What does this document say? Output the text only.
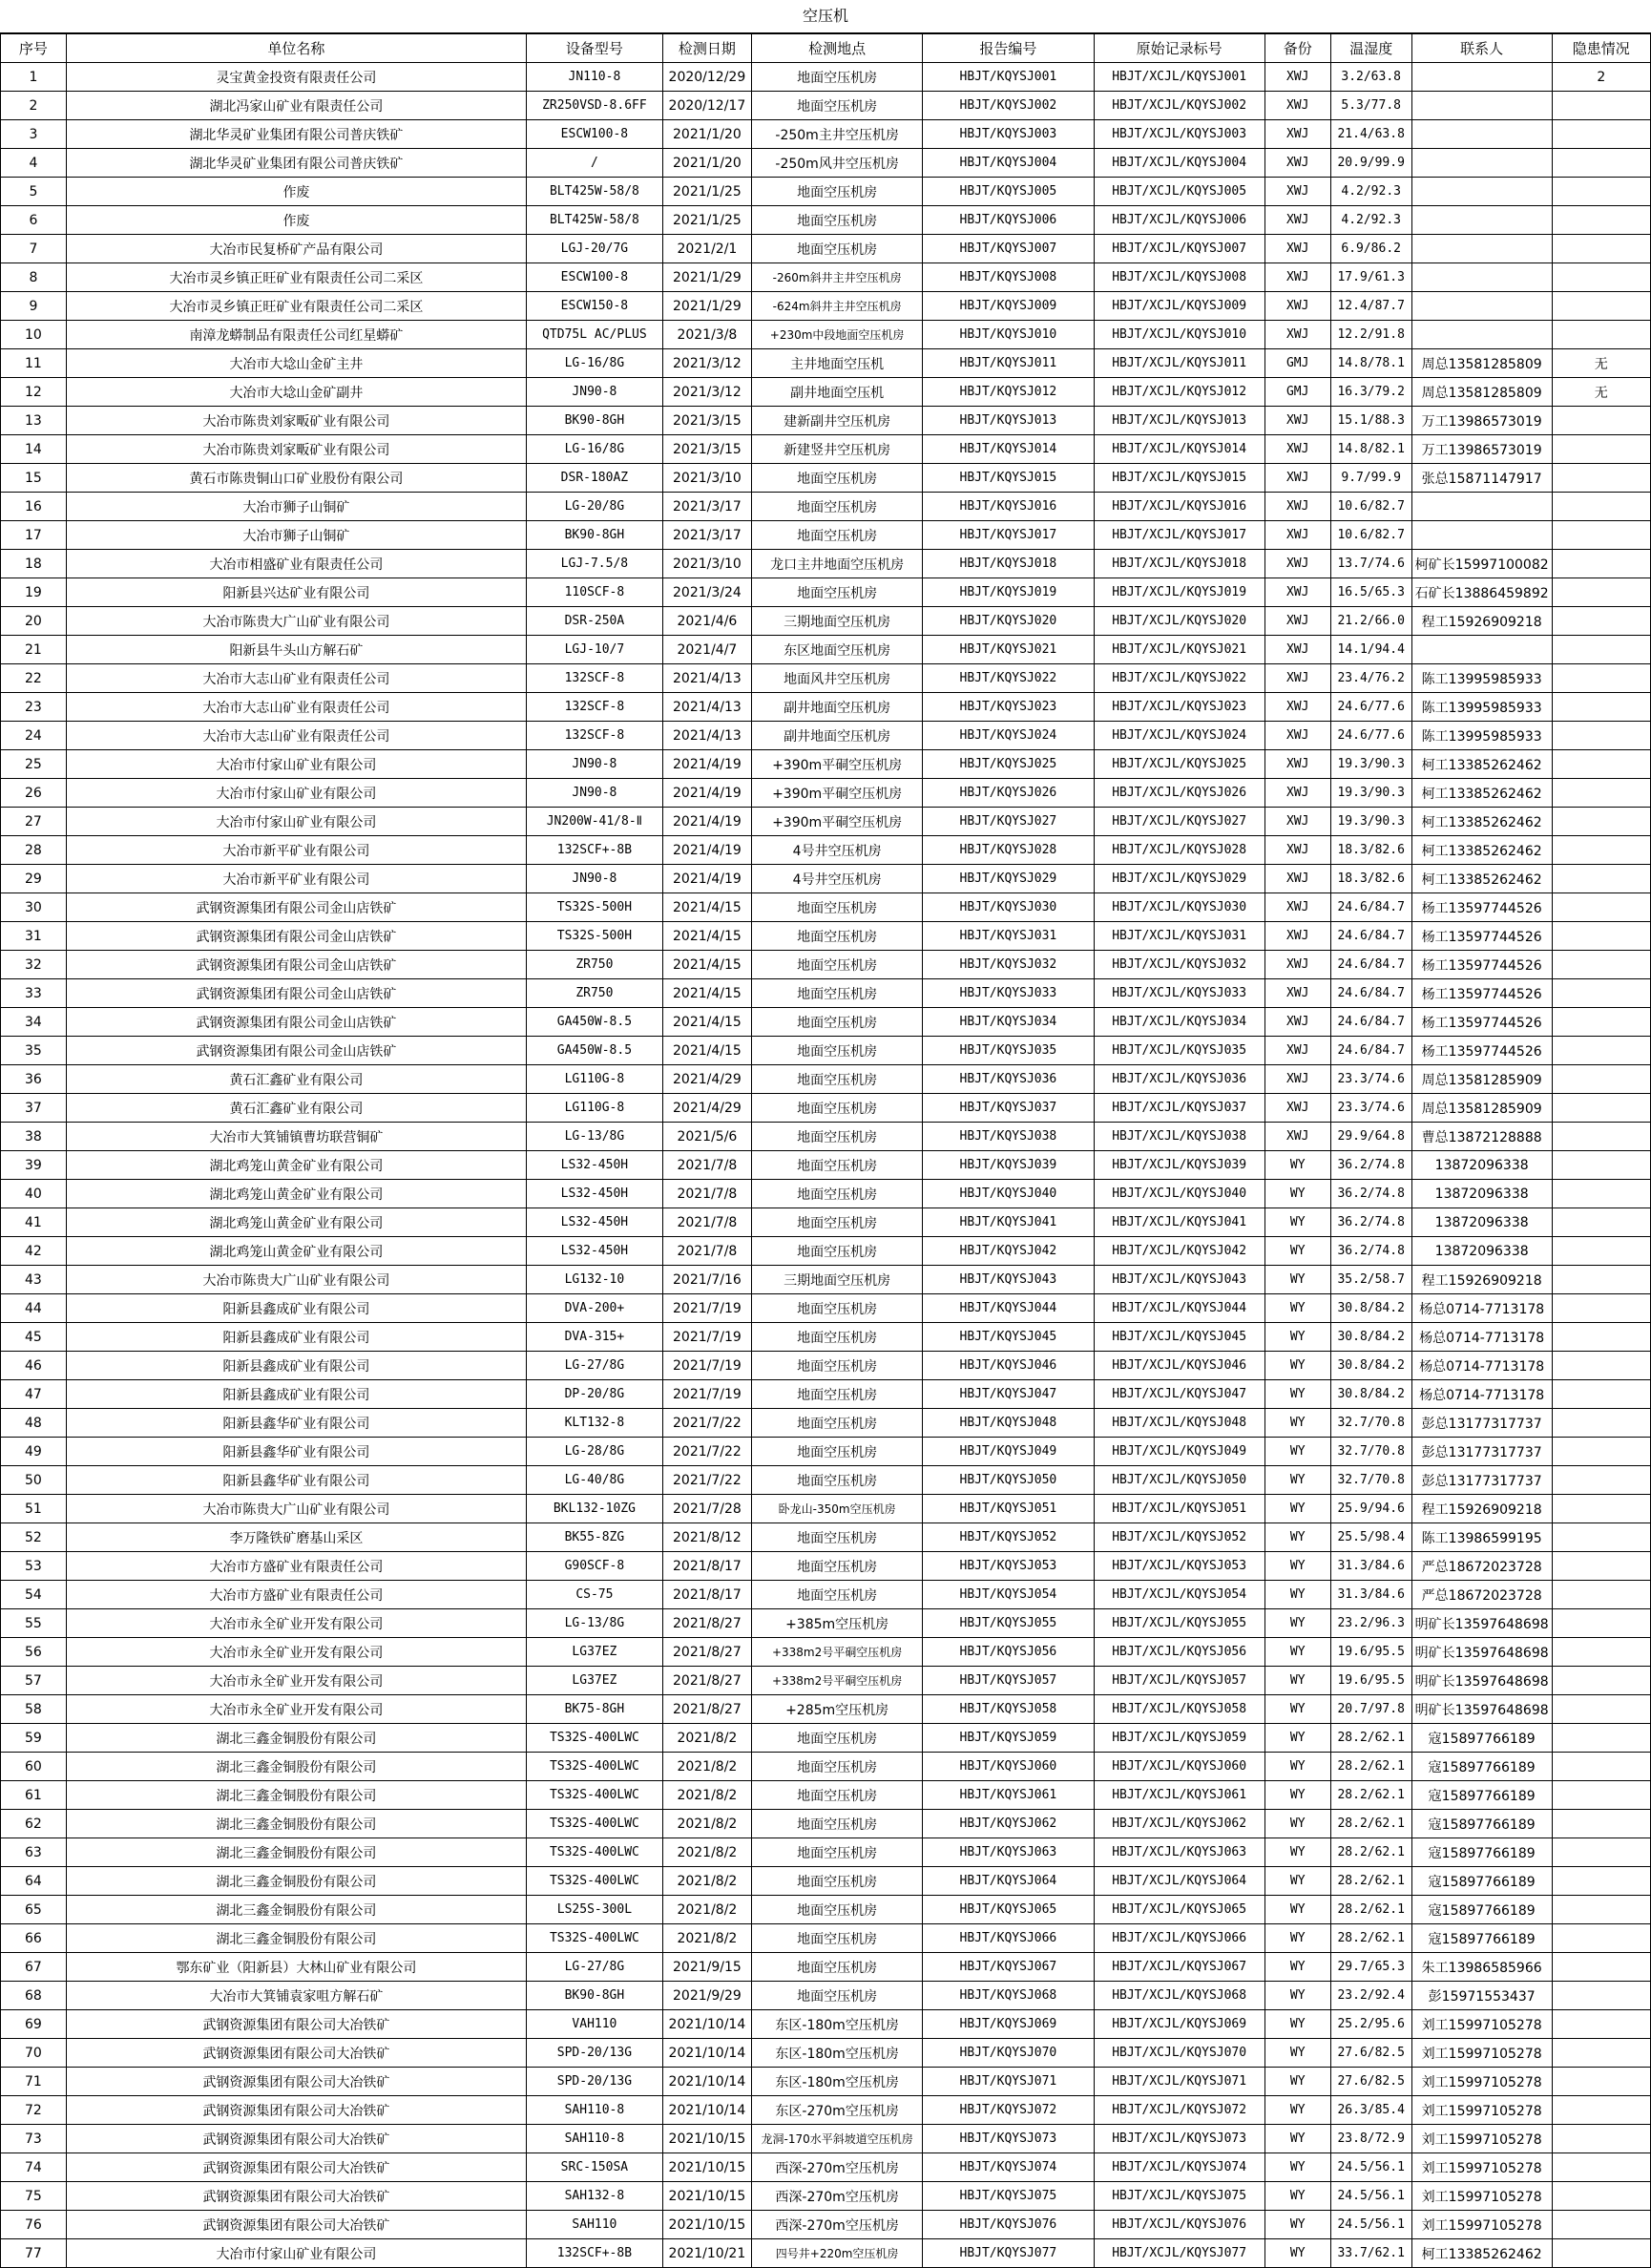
空压机
序号	单位名称	设备型号	检测日期	检测地点	报告编号	原始记录标号	备份	温湿度	联系人	隐患情况
1	灵宝黄金投资有限责任公司	JN110-8	2020/12/29	地面空压机房	HBJT/KQYSJ001	HBJT/XCJL/KQYSJ001	XWJ	3.2/63.8		2
2	湖北冯家山矿业有限责任公司	ZR250VSD-8.6FF	2020/12/17	地面空压机房	HBJT/KQYSJ002	HBJT/XCJL/KQYSJ002	XWJ	5.3/77.8		
3	湖北华灵矿业集团有限公司普庆铁矿	ESCW100-8	2021/1/20	-250m主井空压机房	HBJT/KQYSJ003	HBJT/XCJL/KQYSJ003	XWJ	21.4/63.8		
4	湖北华灵矿业集团有限公司普庆铁矿	/	2021/1/20	-250m风井空压机房	HBJT/KQYSJ004	HBJT/XCJL/KQYSJ004	XWJ	20.9/99.9		
5	作废	BLT425W-58/8	2021/1/25	地面空压机房	HBJT/KQYSJ005	HBJT/XCJL/KQYSJ005	XWJ	4.2/92.3		
6	作废	BLT425W-58/8	2021/1/25	地面空压机房	HBJT/KQYSJ006	HBJT/XCJL/KQYSJ006	XWJ	4.2/92.3		
7	大冶市民复桥矿产品有限公司	LGJ-20/7G	2021/2/1	地面空压机房	HBJT/KQYSJ007	HBJT/XCJL/KQYSJ007	XWJ	6.9/86.2		
8	大冶市灵乡镇正旺矿业有限责任公司二采区	ESCW100-8	2021/1/29	-260m斜井主井空压机房	HBJT/KQYSJ008	HBJT/XCJL/KQYSJ008	XWJ	17.9/61.3		
9	大冶市灵乡镇正旺矿业有限责任公司二采区	ESCW150-8	2021/1/29	-624m斜井主井空压机房	HBJT/KQYSJ009	HBJT/XCJL/KQYSJ009	XWJ	12.4/87.7		
10	南漳龙蟒制品有限责任公司红星蟒矿	QTD75L AC/PLUS	2021/3/8	+230m中段地面空压机房	HBJT/KQYSJ010	HBJT/XCJL/KQYSJ010	XWJ	12.2/91.8		
11	大冶市大埝山金矿主井	LG-16/8G	2021/3/12	主井地面空压机	HBJT/KQYSJ011	HBJT/XCJL/KQYSJ011	GMJ	14.8/78.1	周总13581285809	无
12	大冶市大埝山金矿副井	JN90-8	2021/3/12	副井地面空压机	HBJT/KQYSJ012	HBJT/XCJL/KQYSJ012	GMJ	16.3/79.2	周总13581285809	无
13	大冶市陈贵刘家畈矿业有限公司	BK90-8GH	2021/3/15	建新副井空压机房	HBJT/KQYSJ013	HBJT/XCJL/KQYSJ013	XWJ	15.1/88.3	万工13986573019	
14	大冶市陈贵刘家畈矿业有限公司	LG-16/8G	2021/3/15	新建竖井空压机房	HBJT/KQYSJ014	HBJT/XCJL/KQYSJ014	XWJ	14.8/82.1	万工13986573019	
15	黄石市陈贵铜山口矿业股份有限公司	DSR-180AZ	2021/3/10	地面空压机房	HBJT/KQYSJ015	HBJT/XCJL/KQYSJ015	XWJ	9.7/99.9	张总15871147917	
16	大冶市狮子山铜矿	LG-20/8G	2021/3/17	地面空压机房	HBJT/KQYSJ016	HBJT/XCJL/KQYSJ016	XWJ	10.6/82.7		
17	大冶市狮子山铜矿	BK90-8GH	2021/3/17	地面空压机房	HBJT/KQYSJ017	HBJT/XCJL/KQYSJ017	XWJ	10.6/82.7		
18	大冶市相盛矿业有限责任公司	LGJ-7.5/8	2021/3/10	龙口主井地面空压机房	HBJT/KQYSJ018	HBJT/XCJL/KQYSJ018	XWJ	13.7/74.6	柯矿长15997100082	
19	阳新县兴达矿业有限公司	110SCF-8	2021/3/24	地面空压机房	HBJT/KQYSJ019	HBJT/XCJL/KQYSJ019	XWJ	16.5/65.3	石矿长13886459892	
20	大冶市陈贵大广山矿业有限公司	DSR-250A	2021/4/6	三期地面空压机房	HBJT/KQYSJ020	HBJT/XCJL/KQYSJ020	XWJ	21.2/66.0	程工15926909218	
21	阳新县牛头山方解石矿	LGJ-10/7	2021/4/7	东区地面空压机房	HBJT/KQYSJ021	HBJT/XCJL/KQYSJ021	XWJ	14.1/94.4		
22	大冶市大志山矿业有限责任公司	132SCF-8	2021/4/13	地面风井空压机房	HBJT/KQYSJ022	HBJT/XCJL/KQYSJ022	XWJ	23.4/76.2	陈工13995985933	
23	大冶市大志山矿业有限责任公司	132SCF-8	2021/4/13	副井地面空压机房	HBJT/KQYSJ023	HBJT/XCJL/KQYSJ023	XWJ	24.6/77.6	陈工13995985933	
24	大冶市大志山矿业有限责任公司	132SCF-8	2021/4/13	副井地面空压机房	HBJT/KQYSJ024	HBJT/XCJL/KQYSJ024	XWJ	24.6/77.6	陈工13995985933	
25	大冶市付家山矿业有限公司	JN90-8	2021/4/19	+390m平硐空压机房	HBJT/KQYSJ025	HBJT/XCJL/KQYSJ025	XWJ	19.3/90.3	柯工13385262462	
26	大冶市付家山矿业有限公司	JN90-8	2021/4/19	+390m平硐空压机房	HBJT/KQYSJ026	HBJT/XCJL/KQYSJ026	XWJ	19.3/90.3	柯工13385262462	
27	大冶市付家山矿业有限公司	JN200W-41/8-Ⅱ	2021/4/19	+390m平硐空压机房	HBJT/KQYSJ027	HBJT/XCJL/KQYSJ027	XWJ	19.3/90.3	柯工13385262462	
28	大冶市新平矿业有限公司	132SCF+-8B	2021/4/19	4号井空压机房	HBJT/KQYSJ028	HBJT/XCJL/KQYSJ028	XWJ	18.3/82.6	柯工13385262462	
29	大冶市新平矿业有限公司	JN90-8	2021/4/19	4号井空压机房	HBJT/KQYSJ029	HBJT/XCJL/KQYSJ029	XWJ	18.3/82.6	柯工13385262462	
30	武钢资源集团有限公司金山店铁矿	TS32S-500H	2021/4/15	地面空压机房	HBJT/KQYSJ030	HBJT/XCJL/KQYSJ030	XWJ	24.6/84.7	杨工13597744526	
31	武钢资源集团有限公司金山店铁矿	TS32S-500H	2021/4/15	地面空压机房	HBJT/KQYSJ031	HBJT/XCJL/KQYSJ031	XWJ	24.6/84.7	杨工13597744526	
32	武钢资源集团有限公司金山店铁矿	ZR750	2021/4/15	地面空压机房	HBJT/KQYSJ032	HBJT/XCJL/KQYSJ032	XWJ	24.6/84.7	杨工13597744526	
33	武钢资源集团有限公司金山店铁矿	ZR750	2021/4/15	地面空压机房	HBJT/KQYSJ033	HBJT/XCJL/KQYSJ033	XWJ	24.6/84.7	杨工13597744526	
34	武钢资源集团有限公司金山店铁矿	GA450W-8.5	2021/4/15	地面空压机房	HBJT/KQYSJ034	HBJT/XCJL/KQYSJ034	XWJ	24.6/84.7	杨工13597744526	
35	武钢资源集团有限公司金山店铁矿	GA450W-8.5	2021/4/15	地面空压机房	HBJT/KQYSJ035	HBJT/XCJL/KQYSJ035	XWJ	24.6/84.7	杨工13597744526	
36	黄石汇鑫矿业有限公司	LG110G-8	2021/4/29	地面空压机房	HBJT/KQYSJ036	HBJT/XCJL/KQYSJ036	XWJ	23.3/74.6	周总13581285909	
37	黄石汇鑫矿业有限公司	LG110G-8	2021/4/29	地面空压机房	HBJT/KQYSJ037	HBJT/XCJL/KQYSJ037	XWJ	23.3/74.6	周总13581285909	
38	大冶市大箕铺镇曹坊联营铜矿	LG-13/8G	2021/5/6	地面空压机房	HBJT/KQYSJ038	HBJT/XCJL/KQYSJ038	XWJ	29.9/64.8	曹总13872128888	
39	湖北鸡笼山黄金矿业有限公司	LS32-450H	2021/7/8	地面空压机房	HBJT/KQYSJ039	HBJT/XCJL/KQYSJ039	WY	36.2/74.8	13872096338	
40	湖北鸡笼山黄金矿业有限公司	LS32-450H	2021/7/8	地面空压机房	HBJT/KQYSJ040	HBJT/XCJL/KQYSJ040	WY	36.2/74.8	13872096338	
41	湖北鸡笼山黄金矿业有限公司	LS32-450H	2021/7/8	地面空压机房	HBJT/KQYSJ041	HBJT/XCJL/KQYSJ041	WY	36.2/74.8	13872096338	
42	湖北鸡笼山黄金矿业有限公司	LS32-450H	2021/7/8	地面空压机房	HBJT/KQYSJ042	HBJT/XCJL/KQYSJ042	WY	36.2/74.8	13872096338	
43	大冶市陈贵大广山矿业有限公司	LG132-10	2021/7/16	三期地面空压机房	HBJT/KQYSJ043	HBJT/XCJL/KQYSJ043	WY	35.2/58.7	程工15926909218	
44	阳新县鑫成矿业有限公司	DVA-200+	2021/7/19	地面空压机房	HBJT/KQYSJ044	HBJT/XCJL/KQYSJ044	WY	30.8/84.2	杨总0714-7713178	
45	阳新县鑫成矿业有限公司	DVA-315+	2021/7/19	地面空压机房	HBJT/KQYSJ045	HBJT/XCJL/KQYSJ045	WY	30.8/84.2	杨总0714-7713178	
46	阳新县鑫成矿业有限公司	LG-27/8G	2021/7/19	地面空压机房	HBJT/KQYSJ046	HBJT/XCJL/KQYSJ046	WY	30.8/84.2	杨总0714-7713178	
47	阳新县鑫成矿业有限公司	DP-20/8G	2021/7/19	地面空压机房	HBJT/KQYSJ047	HBJT/XCJL/KQYSJ047	WY	30.8/84.2	杨总0714-7713178	
48	阳新县鑫华矿业有限公司	KLT132-8	2021/7/22	地面空压机房	HBJT/KQYSJ048	HBJT/XCJL/KQYSJ048	WY	32.7/70.8	彭总13177317737	
49	阳新县鑫华矿业有限公司	LG-28/8G	2021/7/22	地面空压机房	HBJT/KQYSJ049	HBJT/XCJL/KQYSJ049	WY	32.7/70.8	彭总13177317737	
50	阳新县鑫华矿业有限公司	LG-40/8G	2021/7/22	地面空压机房	HBJT/KQYSJ050	HBJT/XCJL/KQYSJ050	WY	32.7/70.8	彭总13177317737	
51	大冶市陈贵大广山矿业有限公司	BKL132-10ZG	2021/7/28	卧龙山-350m空压机房	HBJT/KQYSJ051	HBJT/XCJL/KQYSJ051	WY	25.9/94.6	程工15926909218	
52	李万隆铁矿磨基山采区	BK55-8ZG	2021/8/12	地面空压机房	HBJT/KQYSJ052	HBJT/XCJL/KQYSJ052	WY	25.5/98.4	陈工13986599195	
53	大冶市方盛矿业有限责任公司	G90SCF-8	2021/8/17	地面空压机房	HBJT/KQYSJ053	HBJT/XCJL/KQYSJ053	WY	31.3/84.6	严总18672023728	
54	大冶市方盛矿业有限责任公司	CS-75	2021/8/17	地面空压机房	HBJT/KQYSJ054	HBJT/XCJL/KQYSJ054	WY	31.3/84.6	严总18672023728	
55	大冶市永全矿业开发有限公司	LG-13/8G	2021/8/27	+385m空压机房	HBJT/KQYSJ055	HBJT/XCJL/KQYSJ055	WY	23.2/96.3	明矿长13597648698	
56	大冶市永全矿业开发有限公司	LG37EZ	2021/8/27	+338m2号平硐空压机房	HBJT/KQYSJ056	HBJT/XCJL/KQYSJ056	WY	19.6/95.5	明矿长13597648698	
57	大冶市永全矿业开发有限公司	LG37EZ	2021/8/27	+338m2号平硐空压机房	HBJT/KQYSJ057	HBJT/XCJL/KQYSJ057	WY	19.6/95.5	明矿长13597648698	
58	大冶市永全矿业开发有限公司	BK75-8GH	2021/8/27	+285m空压机房	HBJT/KQYSJ058	HBJT/XCJL/KQYSJ058	WY	20.7/97.8	明矿长13597648698	
59	湖北三鑫金铜股份有限公司	TS32S-400LWC	2021/8/2	地面空压机房	HBJT/KQYSJ059	HBJT/XCJL/KQYSJ059	WY	28.2/62.1	寇15897766189	
60	湖北三鑫金铜股份有限公司	TS32S-400LWC	2021/8/2	地面空压机房	HBJT/KQYSJ060	HBJT/XCJL/KQYSJ060	WY	28.2/62.1	寇15897766189	
61	湖北三鑫金铜股份有限公司	TS32S-400LWC	2021/8/2	地面空压机房	HBJT/KQYSJ061	HBJT/XCJL/KQYSJ061	WY	28.2/62.1	寇15897766189	
62	湖北三鑫金铜股份有限公司	TS32S-400LWC	2021/8/2	地面空压机房	HBJT/KQYSJ062	HBJT/XCJL/KQYSJ062	WY	28.2/62.1	寇15897766189	
63	湖北三鑫金铜股份有限公司	TS32S-400LWC	2021/8/2	地面空压机房	HBJT/KQYSJ063	HBJT/XCJL/KQYSJ063	WY	28.2/62.1	寇15897766189	
64	湖北三鑫金铜股份有限公司	TS32S-400LWC	2021/8/2	地面空压机房	HBJT/KQYSJ064	HBJT/XCJL/KQYSJ064	WY	28.2/62.1	寇15897766189	
65	湖北三鑫金铜股份有限公司	LS25S-300L	2021/8/2	地面空压机房	HBJT/KQYSJ065	HBJT/XCJL/KQYSJ065	WY	28.2/62.1	寇15897766189	
66	湖北三鑫金铜股份有限公司	TS32S-400LWC	2021/8/2	地面空压机房	HBJT/KQYSJ066	HBJT/XCJL/KQYSJ066	WY	28.2/62.1	寇15897766189	
67	鄂东矿业（阳新县）大林山矿业有限公司	LG-27/8G	2021/9/15	地面空压机房	HBJT/KQYSJ067	HBJT/XCJL/KQYSJ067	WY	29.7/65.3	朱工13986585966	
68	大冶市大箕铺袁家咀方解石矿	BK90-8GH	2021/9/29	地面空压机房	HBJT/KQYSJ068	HBJT/XCJL/KQYSJ068	WY	23.2/92.4	彭15971553437	
69	武钢资源集团有限公司大冶铁矿	VAH110	2021/10/14	东区-180m空压机房	HBJT/KQYSJ069	HBJT/XCJL/KQYSJ069	WY	25.2/95.6	刘工15997105278	
70	武钢资源集团有限公司大冶铁矿	SPD-20/13G	2021/10/14	东区-180m空压机房	HBJT/KQYSJ070	HBJT/XCJL/KQYSJ070	WY	27.6/82.5	刘工15997105278	
71	武钢资源集团有限公司大冶铁矿	SPD-20/13G	2021/10/14	东区-180m空压机房	HBJT/KQYSJ071	HBJT/XCJL/KQYSJ071	WY	27.6/82.5	刘工15997105278	
72	武钢资源集团有限公司大冶铁矿	SAH110-8	2021/10/14	东区-270m空压机房	HBJT/KQYSJ072	HBJT/XCJL/KQYSJ072	WY	26.3/85.4	刘工15997105278	
73	武钢资源集团有限公司大冶铁矿	SAH110-8	2021/10/15	龙洞-170水平斜坡道空压机房	HBJT/KQYSJ073	HBJT/XCJL/KQYSJ073	WY	23.8/72.9	刘工15997105278	
74	武钢资源集团有限公司大冶铁矿	SRC-150SA	2021/10/15	西深-270m空压机房	HBJT/KQYSJ074	HBJT/XCJL/KQYSJ074	WY	24.5/56.1	刘工15997105278	
75	武钢资源集团有限公司大冶铁矿	SAH132-8	2021/10/15	西深-270m空压机房	HBJT/KQYSJ075	HBJT/XCJL/KQYSJ075	WY	24.5/56.1	刘工15997105278	
76	武钢资源集团有限公司大冶铁矿	SAH110	2021/10/15	西深-270m空压机房	HBJT/KQYSJ076	HBJT/XCJL/KQYSJ076	WY	24.5/56.1	刘工15997105278	
77	大冶市付家山矿业有限公司	132SCF+-8B	2021/10/21	四号井+220m空压机房	HBJT/KQYSJ077	HBJT/XCJL/KQYSJ077	WY	33.7/62.1	柯工13385262462	
